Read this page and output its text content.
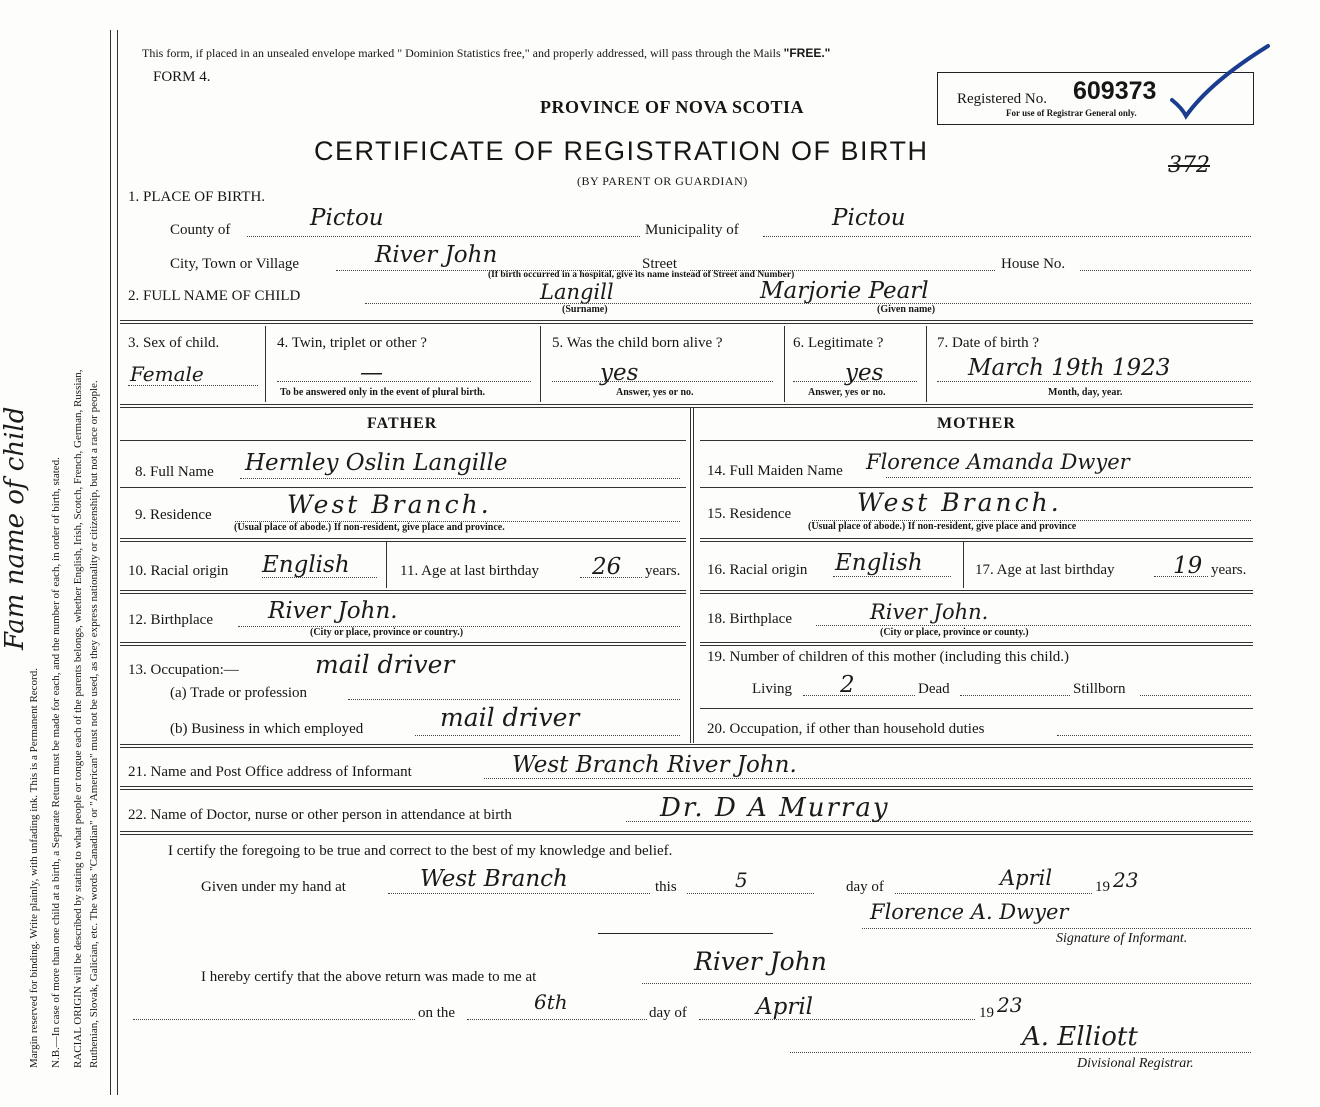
Margin reserved for binding. Write plainly, with unfading ink. This is a Permanent Record. N.B.—In case of more than one child at a birth, a Separate Return must be made for each, and the number of each, in order of birth, stated. RACIAL ORIGIN will be described by stating to what people or tongue each of the parents belongs, whether English, Irish, Scotch, French, German, Russian, Ruthenian, Slovak, Galician, etc. The words "Canadian" or "American" must not be used, as they express nationality or citizenship, but not a race or people.
Fam name of child
This form, if placed in an unsealed envelope marked " Dominion Statistics free," and properly addressed, will pass through the Mails "FREE."
FORM 4.
PROVINCE OF NOVA SCOTIA	Registered No. 609373
For use of Registrar General only.
CERTIFICATE OF REGISTRATION OF BIRTH
(BY PARENT OR GUARDIAN)
372
1. PLACE OF BIRTH.
County of	Pictou	Municipality of	Pictou
City, Town or Village	River John	Street	House No.
(If birth occurred in a hospital, give its name instead of Street and Number)
2. FULL NAME OF CHILD	Langill
(Surname)
Marjorie Pearl
(Given name)
3. Sex of child.
Female
4. Twin, triplet or other ?
—
To be answered only in the event of plural birth.
5. Was the child born alive ?
yes
Answer, yes or no.
6. Legitimate ?
yes
Answer, yes or no.
7. Date of birth ?
March 19th 1923
Month, day, year.
FATHER	MOTHER
8. Full Name Hernley Oslin Langille
9. Residence	West Branch.
(Usual place of abode.) If non-resident, give place and province.
10. Racial origin English	11. Age at last birthday 26 years.
12. Birthplace River John.
(City or place, province or country.)
13. Occupation:—	mail driver
(a) Trade or profession
(b) Business in which employed	mail driver
14. Full Maiden Name Florence Amanda Dwyer
15. Residence	West Branch.
(Usual place of abode.) If non-resident, give place and province
16. Racial origin English	17. Age at last birthday	19 years.
18. Birthplace	River John.
(City or place, province or county.)
19. Number of children of this mother (including this child.)
Living 2	Dead	Stillborn
20. Occupation, if other than household duties
21. Name and Post Office address of Informant	West Branch River John.
22. Name of Doctor, nurse or other person in attendance at birth	Dr. D A Murray
I certify the foregoing to be true and correct to the best of my knowledge and belief.
Given under my hand at	West Branch	this	5	day of	April	19 23
Florence A. Dwyer
Signature of Informant.
I hereby certify that the above return was made to me at
River John
on the	6th	day of	April	19 23
A. Elliott
Divisional Registrar.
